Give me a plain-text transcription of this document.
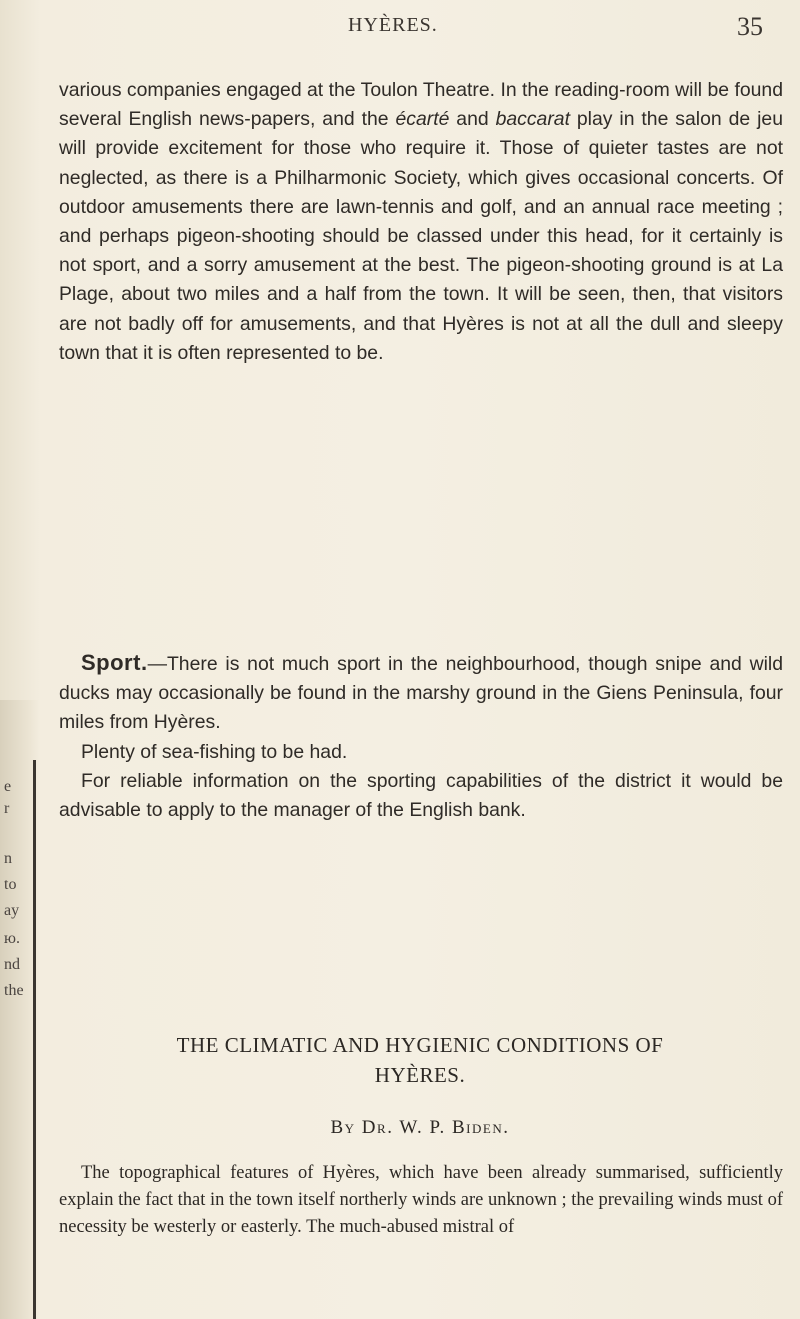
e
r
n
to
ay
ю.
nd
the
HYÈRES.	35

various companies engaged at the Toulon Theatre. In the reading-room will be found several English news-papers, and the écarté and baccarat play in the salon de jeu will provide excitement for those who require it. Those of quieter tastes are not neglected, as there is a Philharmonic Society, which gives occasional concerts. Of outdoor amusements there are lawn-tennis and golf, and an annual race meeting ; and perhaps pigeon-shooting should be classed under this head, for it certainly is not sport, and a sorry amusement at the best. The pigeon-shooting ground is at La Plage, about two miles and a half from the town. It will be seen, then, that visitors are not badly off for amusements, and that Hyères is not at all the dull and sleepy town that it is often represented to be.

Sport.—There is not much sport in the neighbourhood, though snipe and wild ducks may occasionally be found in the marshy ground in the Giens Peninsula, four miles from Hyères.

Plenty of sea-fishing to be had.

For reliable information on the sporting capabilities of the district it would be advisable to apply to the manager of the English bank.

THE CLIMATIC AND HYGIENIC CONDITIONS OF
HYÈRES.
By Dr. W. P. Biden.

The topographical features of Hyères, which have been already summarised, sufficiently explain the fact that in the town itself northerly winds are unknown ; the prevailing winds must of necessity be westerly or easterly. The much-abused mistral of
